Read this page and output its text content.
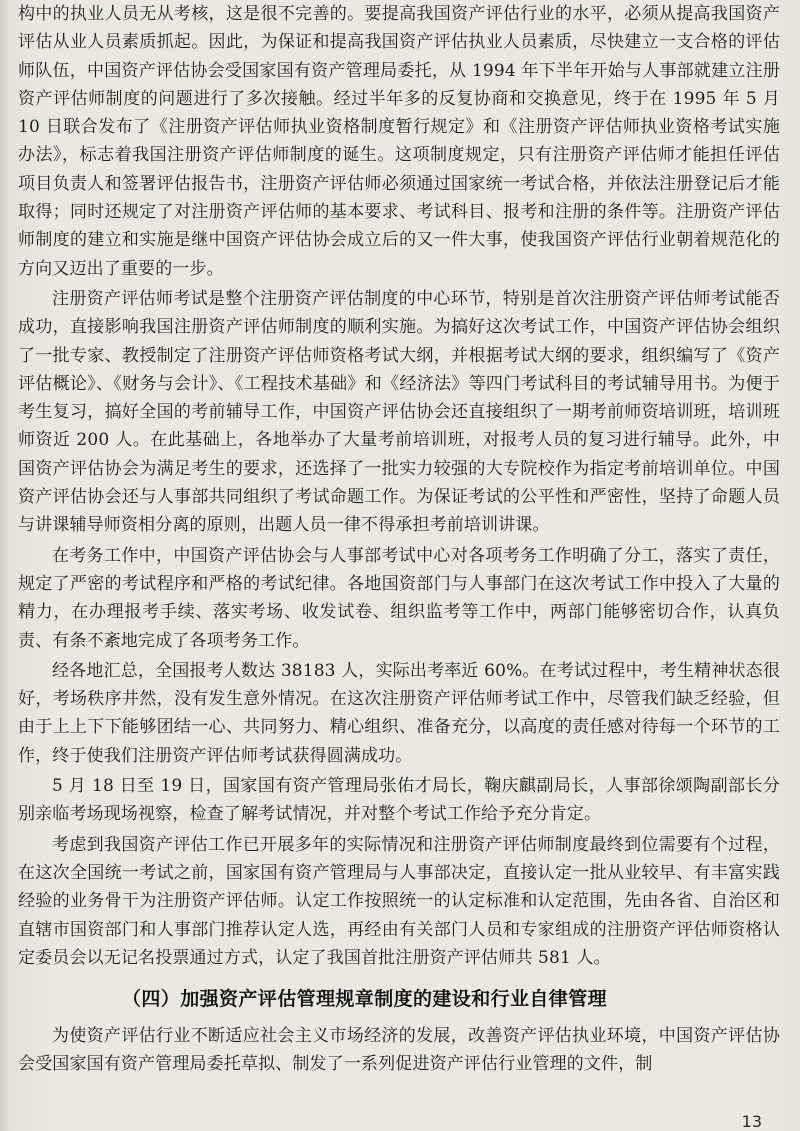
构中的执业人员无从考核，这是很不完善的。要提高我国资产评估行业的水平，必须从提高我国资产评估从业人员素质抓起。因此，为保证和提高我国资产评估执业人员素质，尽快建立一支合格的评估师队伍，中国资产评估协会受国家国有资产管理局委托，从 1994 年下半年开始与人事部就建立注册资产评估师制度的问题进行了多次接触。经过半年多的反复协商和交换意见，终于在 1995 年 5 月 10 日联合发布了《注册资产评估师执业资格制度暂行规定》和《注册资产评估师执业资格考试实施办法》，标志着我国注册资产评估师制度的诞生。这项制度规定，只有注册资产评估师才能担任评估项目负责人和签署评估报告书，注册资产评估师必须通过国家统一考试合格，并依法注册登记后才能取得；同时还规定了对注册资产评估师的基本要求、考试科目、报考和注册的条件等。注册资产评估师制度的建立和实施是继中国资产评估协会成立后的又一件大事，使我国资产评估行业朝着规范化的方向又迈出了重要的一步。

注册资产评估师考试是整个注册资产评估制度的中心环节，特别是首次注册资产评估师考试能否成功，直接影响我国注册资产评估师制度的顺利实施。为搞好这次考试工作，中国资产评估协会组织了一批专家、教授制定了注册资产评估师资格考试大纲，并根据考试大纲的要求，组织编写了《资产评估概论》、《财务与会计》、《工程技术基础》和《经济法》等四门考试科目的考试辅导用书。为便于考生复习，搞好全国的考前辅导工作，中国资产评估协会还直接组织了一期考前师资培训班，培训班师资近 200 人。在此基础上，各地举办了大量考前培训班，对报考人员的复习进行辅导。此外，中国资产评估协会为满足考生的要求，还选择了一批实力较强的大专院校作为指定考前培训单位。中国资产评估协会还与人事部共同组织了考试命题工作。为保证考试的公平性和严密性，坚持了命题人员与讲课辅导师资相分离的原则，出题人员一律不得承担考前培训讲课。

在考务工作中，中国资产评估协会与人事部考试中心对各项考务工作明确了分工，落实了责任，规定了严密的考试程序和严格的考试纪律。各地国资部门与人事部门在这次考试工作中投入了大量的精力，在办理报考手续、落实考场、收发试卷、组织监考等工作中，两部门能够密切合作，认真负责、有条不紊地完成了各项考务工作。

经各地汇总，全国报考人数达 38183 人，实际出考率近 60%。在考试过程中，考生精神状态很好，考场秩序井然，没有发生意外情况。在这次注册资产评估师考试工作中，尽管我们缺乏经验，但由于上上下下能够团结一心、共同努力、精心组织、准备充分，以高度的责任感对待每一个环节的工作，终于使我们注册资产评估师考试获得圆满成功。

5 月 18 日至 19 日，国家国有资产管理局张佑才局长，鞠庆麒副局长，人事部徐颂陶副部长分别亲临考场现场视察，检查了解考试情况，并对整个考试工作给予充分肯定。

考虑到我国资产评估工作已开展多年的实际情况和注册资产评估师制度最终到位需要有个过程，在这次全国统一考试之前，国家国有资产管理局与人事部决定，直接认定一批从业较早、有丰富实践经验的业务骨干为注册资产评估师。认定工作按照统一的认定标准和认定范围，先由各省、自治区和直辖市国资部门和人事部门推荐认定人选，再经由有关部门人员和专家组成的注册资产评估师资格认定委员会以无记名投票通过方式，认定了我国首批注册资产评估师共 581 人。

（四）加强资产评估管理规章制度的建设和行业自律管理

为使资产评估行业不断适应社会主义市场经济的发展，改善资产评估执业环境，中国资产评估协会受国家国有资产管理局委托草拟、制发了一系列促进资产评估行业管理的文件，制

13
